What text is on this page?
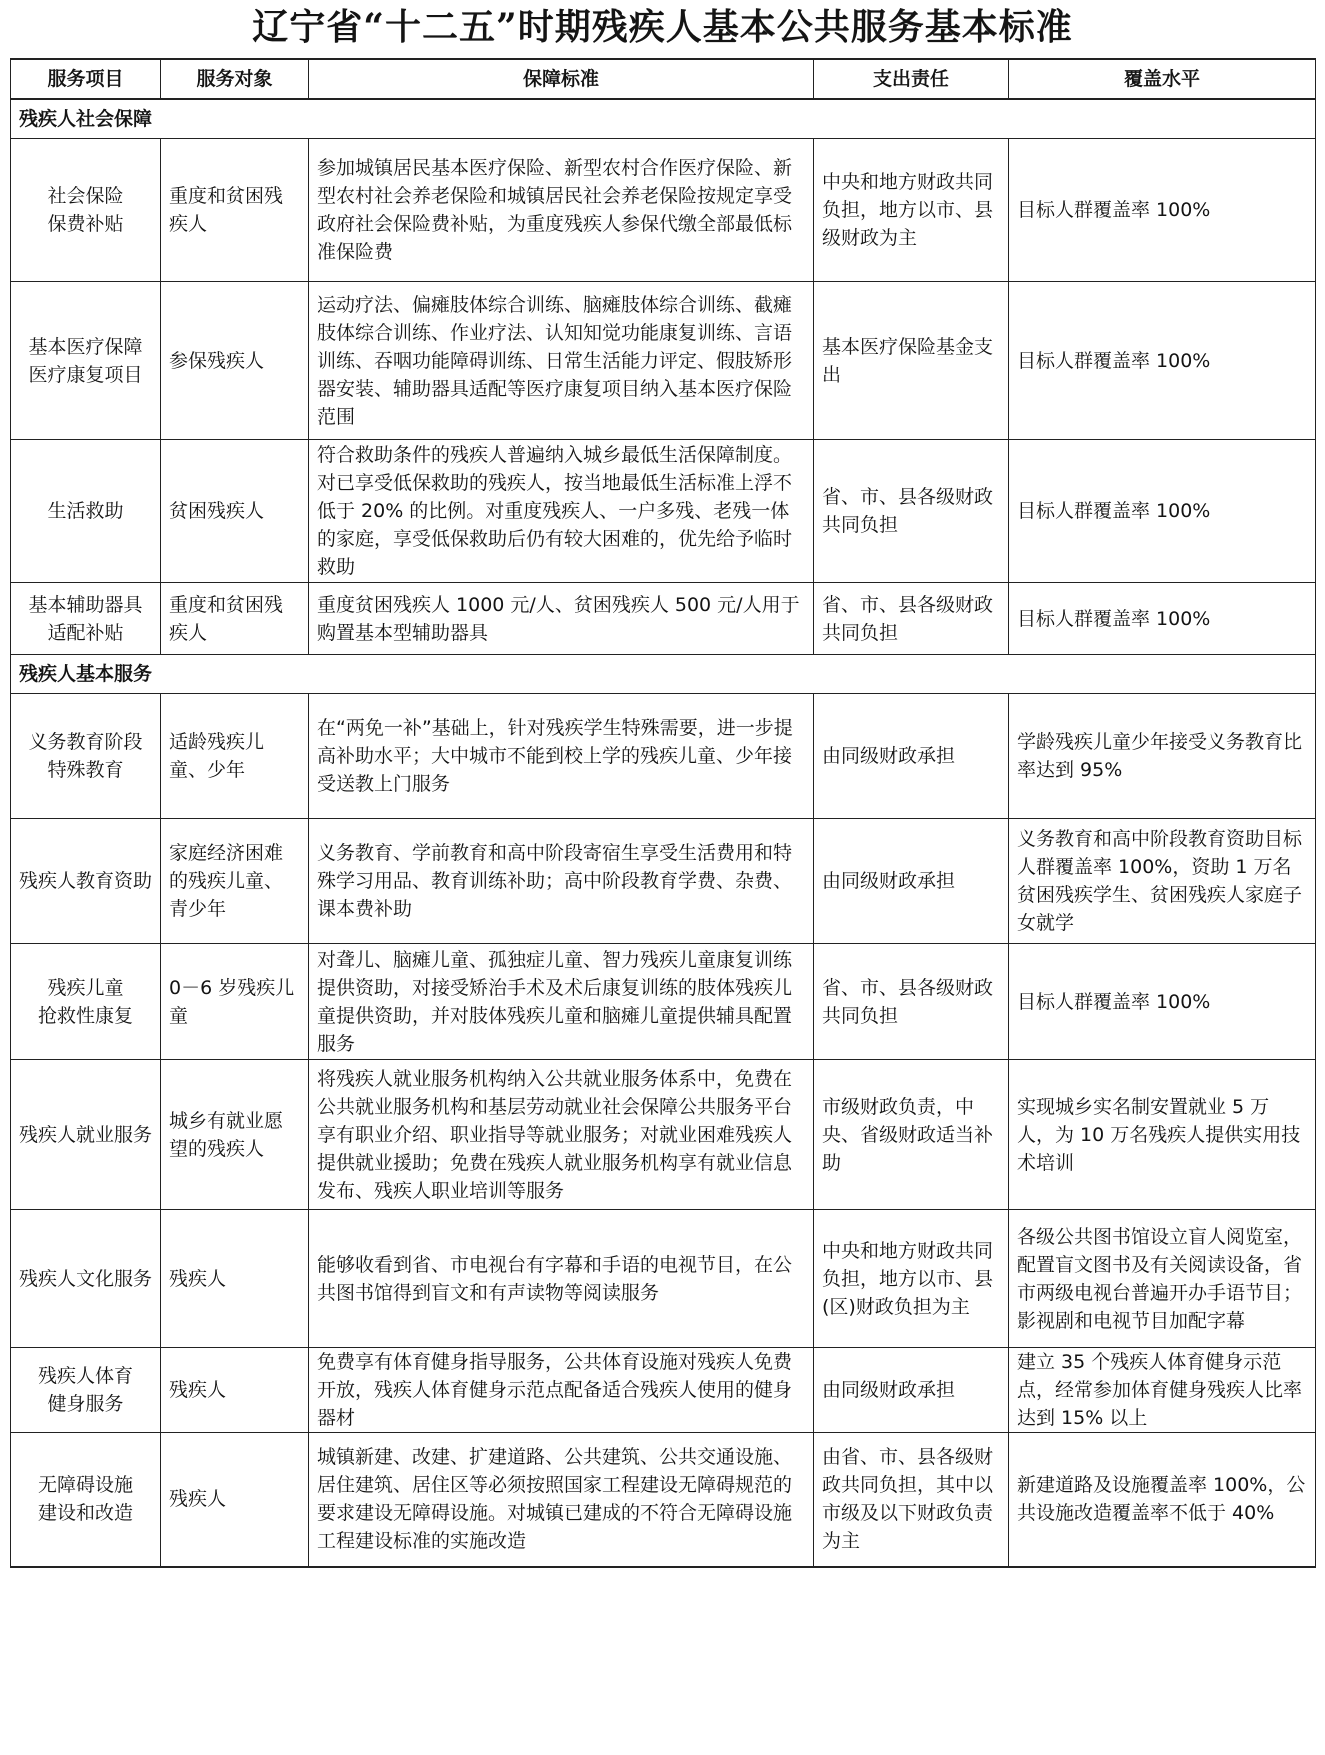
辽宁省“十二五”时期残疾人基本公共服务基本标准
服务项目	服务对象	保障标准	支出责任	覆盖水平
残疾人社会保障				
社会保险
保费补贴	重度和贫困残疾人	参加城镇居民基本医疗保险、新型农村合作医疗保险、新型农村社会养老保险和城镇居民社会养老保险按规定享受政府社会保险费补贴，为重度残疾人参保代缴全部最低标准保险费	中央和地方财政共同负担，地方以市、县级财政为主	目标人群覆盖率 100%
基本医疗保障
医疗康复项目	参保残疾人	运动疗法、偏瘫肢体综合训练、脑瘫肢体综合训练、截瘫肢体综合训练、作业疗法、认知知觉功能康复训练、言语训练、吞咽功能障碍训练、日常生活能力评定、假肢矫形器安装、辅助器具适配等医疗康复项目纳入基本医疗保险范围	基本医疗保险基金支出	目标人群覆盖率 100%
生活救助	贫困残疾人	符合救助条件的残疾人普遍纳入城乡最低生活保障制度。对已享受低保救助的残疾人，按当地最低生活标准上浮不低于 20% 的比例。对重度残疾人、一户多残、老残一体的家庭，享受低保救助后仍有较大困难的，优先给予临时救助	省、市、县各级财政共同负担	目标人群覆盖率 100%
基本辅助器具
适配补贴	重度和贫困残疾人	重度贫困残疾人 1000 元/人、贫困残疾人 500 元/人用于购置基本型辅助器具	省、市、县各级财政共同负担	目标人群覆盖率 100%
残疾人基本服务				
义务教育阶段
特殊教育	适龄残疾儿童、少年	在“两免一补”基础上，针对残疾学生特殊需要，进一步提高补助水平；大中城市不能到校上学的残疾儿童、少年接受送教上门服务	由同级财政承担	学龄残疾儿童少年接受义务教育比率达到 95%
残疾人教育资助	家庭经济困难的残疾儿童、青少年	义务教育、学前教育和高中阶段寄宿生享受生活费用和特殊学习用品、教育训练补助；高中阶段教育学费、杂费、课本费补助	由同级财政承担	义务教育和高中阶段教育资助目标人群覆盖率 100%，资助 1 万名贫困残疾学生、贫困残疾人家庭子女就学
残疾儿童
抢救性康复	0－6 岁残疾儿童	对聋儿、脑瘫儿童、孤独症儿童、智力残疾儿童康复训练提供资助，对接受矫治手术及术后康复训练的肢体残疾儿童提供资助，并对肢体残疾儿童和脑瘫儿童提供辅具配置服务	省、市、县各级财政共同负担	目标人群覆盖率 100%
残疾人就业服务	城乡有就业愿望的残疾人	将残疾人就业服务机构纳入公共就业服务体系中，免费在公共就业服务机构和基层劳动就业社会保障公共服务平台享有职业介绍、职业指导等就业服务；对就业困难残疾人提供就业援助；免费在残疾人就业服务机构享有就业信息发布、残疾人职业培训等服务	市级财政负责，中央、省级财政适当补助	实现城乡实名制安置就业 5 万人，为 10 万名残疾人提供实用技术培训
残疾人文化服务	残疾人	能够收看到省、市电视台有字幕和手语的电视节目，在公共图书馆得到盲文和有声读物等阅读服务	中央和地方财政共同负担，地方以市、县(区)财政负担为主	各级公共图书馆设立盲人阅览室，配置盲文图书及有关阅读设备，省市两级电视台普遍开办手语节目；影视剧和电视节目加配字幕
残疾人体育
健身服务	残疾人	免费享有体育健身指导服务，公共体育设施对残疾人免费开放，残疾人体育健身示范点配备适合残疾人使用的健身器材	由同级财政承担	建立 35 个残疾人体育健身示范点，经常参加体育健身残疾人比率达到 15% 以上
无障碍设施
建设和改造	残疾人	城镇新建、改建、扩建道路、公共建筑、公共交通设施、居住建筑、居住区等必须按照国家工程建设无障碍规范的要求建设无障碍设施。对城镇已建成的不符合无障碍设施工程建设标准的实施改造	由省、市、县各级财政共同负担，其中以市级及以下财政负责为主	新建道路及设施覆盖率 100%，公共设施改造覆盖率不低于 40%
